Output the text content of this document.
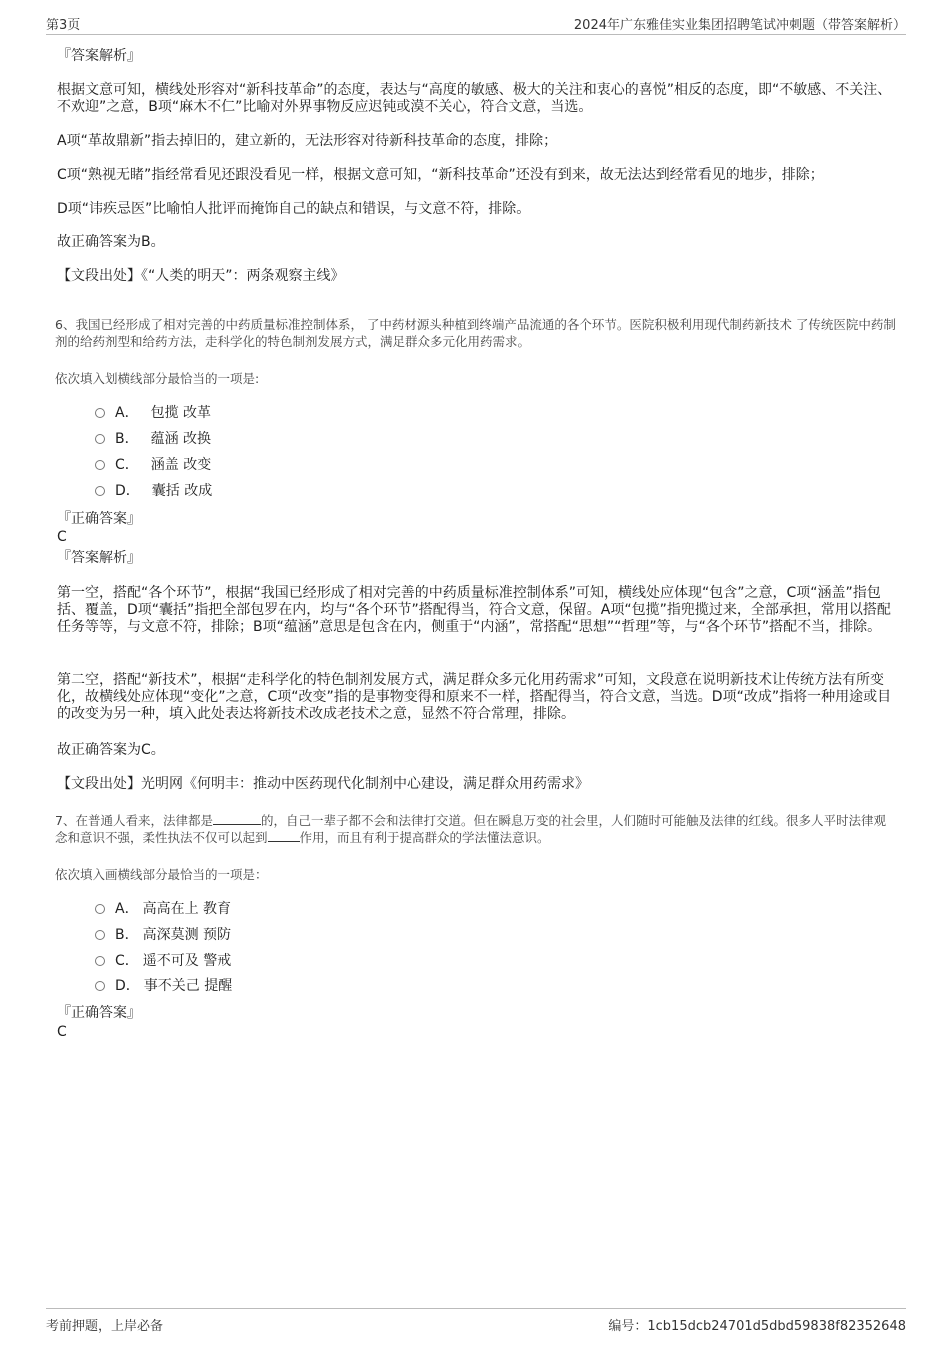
第3页	2024年广东雅佳实业集团招聘笔试冲刺题（带答案解析）
『答案解析』
根据文意可知，横线处形容对“新科技革命”的态度，表达与“高度的敏感、极大的关注和衷心的喜悦”相反的态度，即“不敏感、不关注、不欢迎”之意，B项“麻木不仁”比喻对外界事物反应迟钝或漠不关心，符合文意，当选。
A项“革故鼎新”指去掉旧的，建立新的，无法形容对待新科技革命的态度，排除；
C项“熟视无睹”指经常看见还跟没看见一样，根据文意可知，“新科技革命”还没有到来，故无法达到经常看见的地步，排除；
D项“讳疾忌医”比喻怕人批评而掩饰自己的缺点和错误，与文意不符，排除。
故正确答案为B。
【文段出处】《“人类的明天”：两条观察主线》
6、我国已经形成了相对完善的中药质量标准控制体系， 了中药材源头种植到终端产品流通的各个环节。医院积极利用现代制药新技术 了传统医院中药制剂的给药剂型和给药方法，走科学化的特色制剂发展方式，满足群众多元化用药需求。
依次填入划横线部分最恰当的一项是:
A． 包揽 改革
B． 蕴涵 改换
C． 涵盖 改变
D． 囊括 改成
『正确答案』
C
『答案解析』
第一空，搭配“各个环节”，根据“我国已经形成了相对完善的中药质量标准控制体系”可知，横线处应体现“包含”之意，C项“涵盖”指包括、覆盖，D项“囊括”指把全部包罗在内，均与“各个环节”搭配得当，符合文意，保留。A项“包揽”指兜揽过来，全部承担，常用以搭配任务等等，与文意不符，排除；B项“蕴涵”意思是包含在内，侧重于“内涵”，常搭配“思想”“哲理”等，与“各个环节”搭配不当，排除。
第二空，搭配“新技术”，根据“走科学化的特色制剂发展方式，满足群众多元化用药需求”可知，文段意在说明新技术让传统方法有所变化，故横线处应体现“变化”之意，C项“改变”指的是事物变得和原来不一样，搭配得当，符合文意，当选。D项“改成”指将一种用途或目的改变为另一种，填入此处表达将新技术改成老技术之意，显然不符合常理，排除。
故正确答案为C。
【文段出处】光明网《何明丰：推动中医药现代化制剂中心建设，满足群众用药需求》
7、在普通人看来，法律都是	的，自己一辈子都不会和法律打交道。但在瞬息万变的社会里，人们随时可能触及法律的红线。很多人平时法律观念和意识不强，柔性执法不仅可以起到	作用，而且有利于提高群众的学法懂法意识。
依次填入画横线部分最恰当的一项是：
A． 高高在上 教育
B． 高深莫测 预防
C． 遥不可及 警戒
D． 事不关己 提醒
『正确答案』
C
考前押题，上岸必备	编号：1cb15dcb24701d5dbd59838f82352648
